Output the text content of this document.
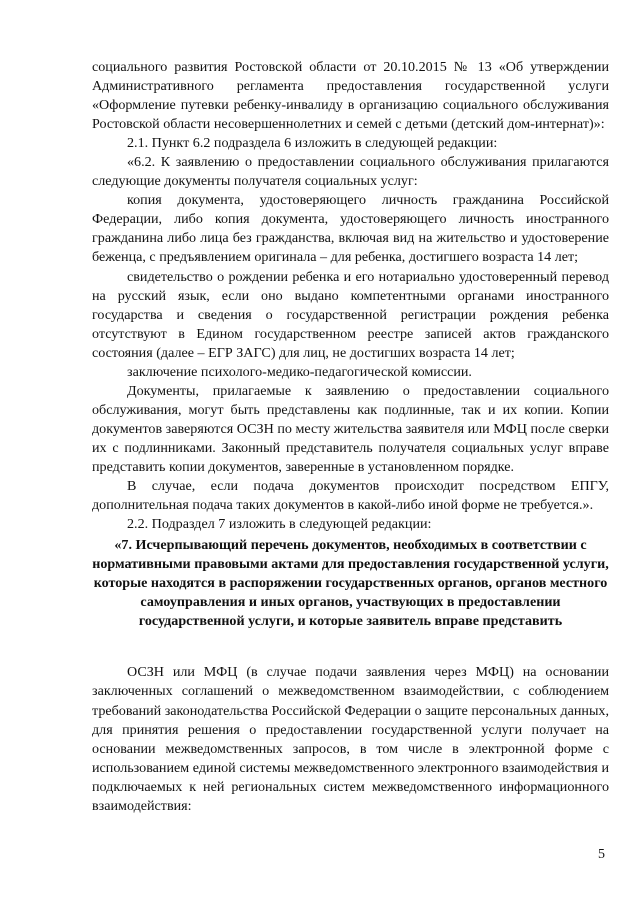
социального развития Ростовской области от 20.10.2015 № 13 «Об утверждении Административного регламента предоставления государственной услуги «Оформление путевки ребенку-инвалиду в организацию социального обслуживания Ростовской области несовершеннолетних и семей с детьми (детский дом-интернат)»:

2.1. Пункт 6.2 подраздела 6 изложить в следующей редакции:

«6.2. К заявлению о предоставлении социального обслуживания прилагаются следующие документы получателя социальных услуг:

копия документа, удостоверяющего личность гражданина Российской Федерации, либо копия документа, удостоверяющего личность иностранного гражданина либо лица без гражданства, включая вид на жительство и удостоверение беженца, с предъявлением оригинала – для ребенка, достигшего возраста 14 лет;

свидетельство о рождении ребенка и его нотариально удостоверенный перевод на русский язык, если оно выдано компетентными органами иностранного государства и сведения о государственной регистрации рождения ребенка отсутствуют в Едином государственном реестре записей актов гражданского состояния (далее – ЕГР ЗАГС) для лиц, не достигших возраста 14 лет;

заключение психолого-медико-педагогической комиссии.

Документы, прилагаемые к заявлению о предоставлении социального обслуживания, могут быть представлены как подлинные, так и их копии. Копии документов заверяются ОСЗН по месту жительства заявителя или МФЦ после сверки их с подлинниками. Законный представитель получателя социальных услуг вправе представить копии документов, заверенные в установленном порядке.

В случае, если подача документов происходит посредством ЕПГУ, дополнительная подача таких документов в какой-либо иной форме не требуется.».

2.2. Подраздел 7 изложить в следующей редакции:

«7. Исчерпывающий перечень документов, необходимых в соответствии с нормативными правовыми актами для предоставления государственной услуги, которые находятся в распоряжении государственных органов, органов местного самоуправления и иных органов, участвующих в предоставлении государственной услуги, и которые заявитель вправе представить

ОСЗН или МФЦ (в случае подачи заявления через МФЦ) на основании заключенных соглашений о межведомственном взаимодействии, с соблюдением требований законодательства Российской Федерации о защите персональных данных, для принятия решения о предоставлении государственной услуги получает на основании межведомственных запросов, в том числе в электронной форме с использованием единой системы межведомственного электронного взаимодействия и подключаемых к ней региональных систем межведомственного информационного взаимодействия:

5
